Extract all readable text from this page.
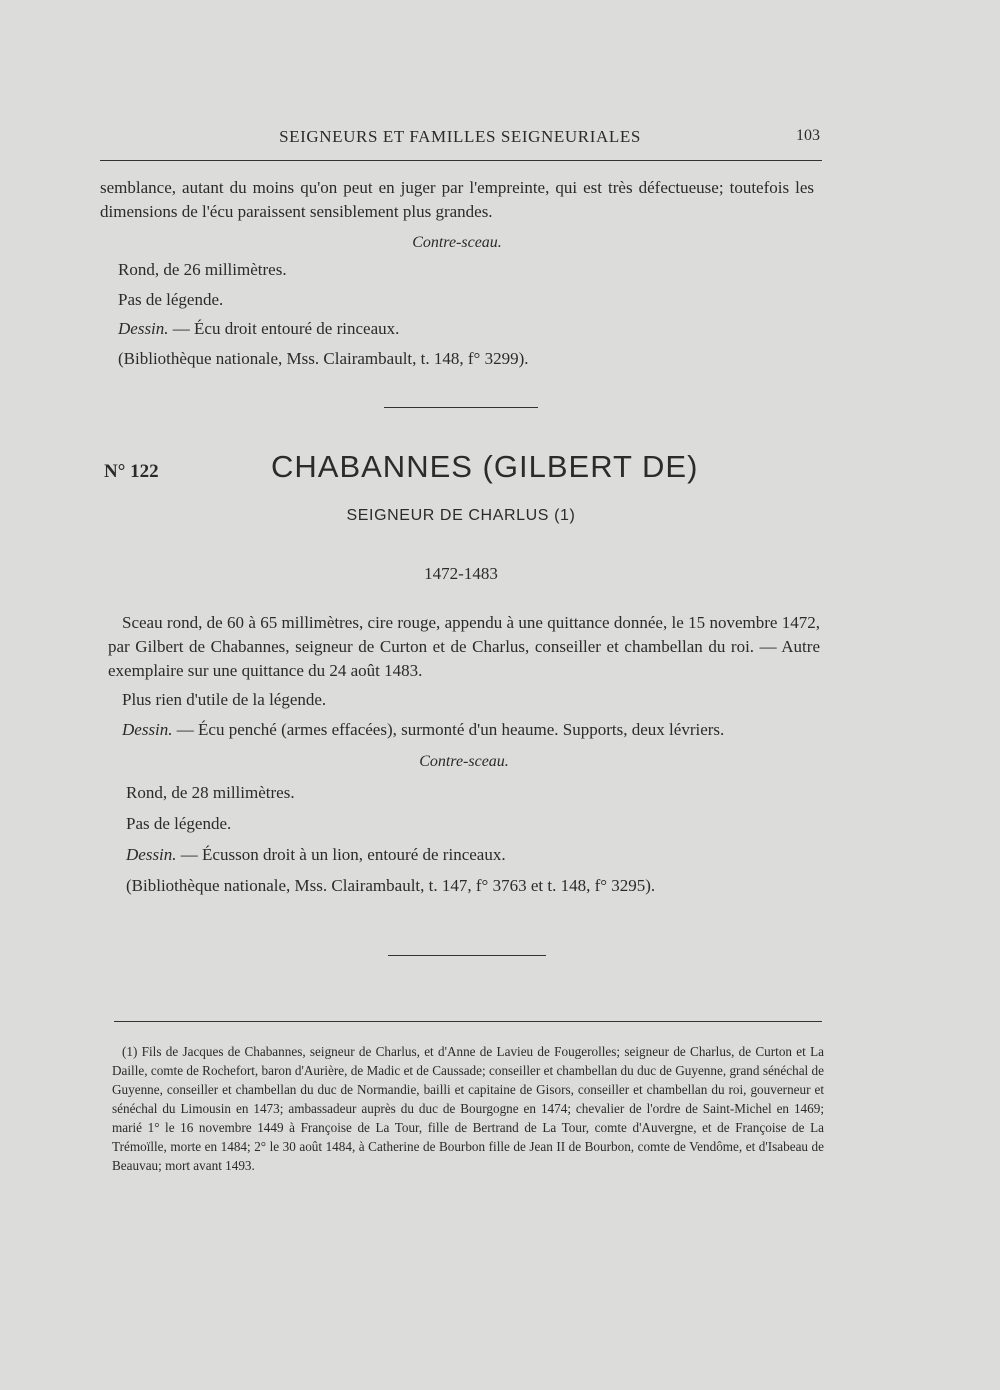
SEIGNEURS ET FAMILLES SEIGNEURIALES	103

semblance, autant du moins qu'on peut en juger par l'empreinte, qui est très défectueuse; toutefois les dimensions de l'écu paraissent sensiblement plus grandes.

Contre-sceau.
Rond, de 26 millimètres.
Pas de légende.
Dessin. — Écu droit entouré de rinceaux.
(Bibliothèque nationale, Mss. Clairambault, t. 148, f° 3299).
N° 122	CHABANNES (GILBERT DE)
SEIGNEUR DE CHARLUS (1)
1472-1483

Sceau rond, de 60 à 65 millimètres, cire rouge, appendu à une quittance donnée, le 15 novembre 1472, par Gilbert de Chabannes, seigneur de Curton et de Charlus, conseiller et chambellan du roi. — Autre exemplaire sur une quittance du 24 août 1483.

Plus rien d'utile de la légende.
Dessin. — Écu penché (armes effacées), surmonté d'un heaume. Supports, deux lévriers.
Contre-sceau.
Rond, de 28 millimètres.
Pas de légende.
Dessin. — Écusson droit à un lion, entouré de rinceaux.
(Bibliothèque nationale, Mss. Clairambault, t. 147, f° 3763 et t. 148, f° 3295).

(1) Fils de Jacques de Chabannes, seigneur de Charlus, et d'Anne de Lavieu de Fougerolles; seigneur de Charlus, de Curton et La Daille, comte de Rochefort, baron d'Aurière, de Madic et de Caussade; conseiller et chambellan du duc de Guyenne, grand sénéchal de Guyenne, conseiller et chambellan du duc de Normandie, bailli et capitaine de Gisors, conseiller et chambellan du roi, gouverneur et sénéchal du Limousin en 1473; ambassadeur auprès du duc de Bourgogne en 1474; chevalier de l'ordre de Saint-Michel en 1469; marié 1° le 16 novembre 1449 à Françoise de La Tour, fille de Bertrand de La Tour, comte d'Auvergne, et de Françoise de La Trémoïlle, morte en 1484; 2° le 30 août 1484, à Catherine de Bourbon fille de Jean II de Bourbon, comte de Vendôme, et d'Isabeau de Beauvau; mort avant 1493.
